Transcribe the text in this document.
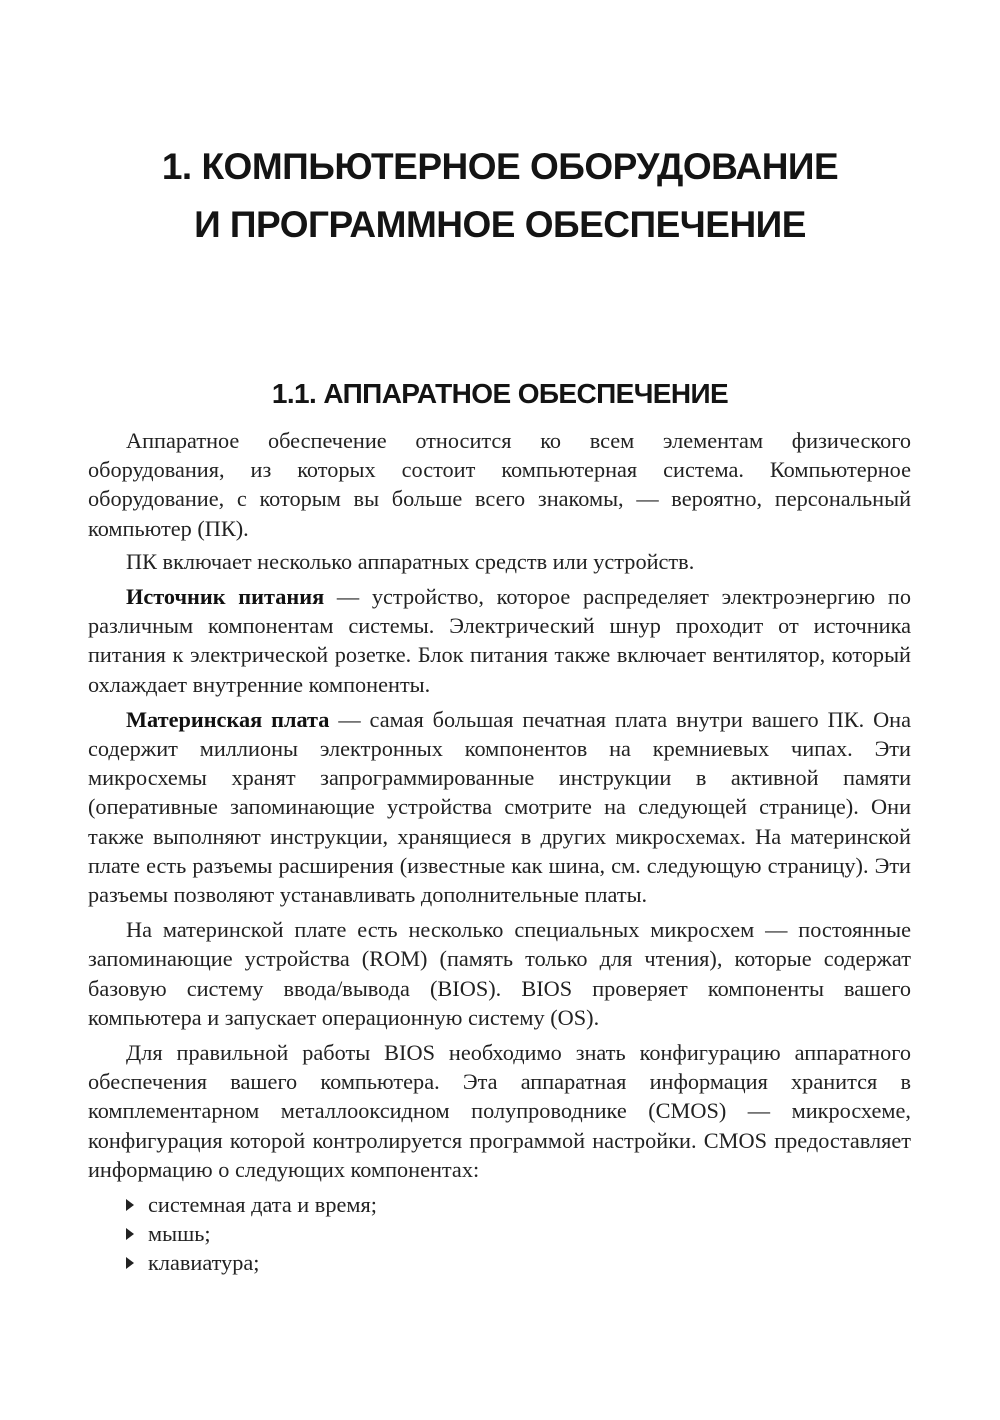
1. КОМПЬЮТЕРНОЕ ОБОРУДОВАНИЕ
И ПРОГРАММНОЕ ОБЕСПЕЧЕНИЕ
1.1. АППАРАТНОЕ ОБЕСПЕЧЕНИЕ

Аппаратное обеспечение относится ко всем элементам физического оборудования, из которых состоит компьютерная система. Компьютерное оборудование, с которым вы больше всего знакомы, — вероятно, персональный компьютер (ПК).

ПК включает несколько аппаратных средств или устройств.

Источник питания — устройство, которое распределяет электроэнергию по различным компонентам системы. Электрический шнур проходит от источника питания к электрической розетке. Блок питания также включает вентилятор, который охлаждает внутренние компоненты.

Материнская плата — самая большая печатная плата внутри вашего ПК. Она содержит миллионы электронных компонентов на кремниевых чипах. Эти микросхемы хранят запрограммированные инструкции в активной памяти (оперативные запоминающие устройства смотрите на следующей странице). Они также выполняют инструкции, хранящиеся в других микросхемах. На материнской плате есть разъемы расширения (известные как шина, см. следующую страницу). Эти разъемы позволяют устанавливать дополнительные платы.

На материнской плате есть несколько специальных микросхем — постоянные запоминающие устройства (ROM) (память только для чтения), которые содержат базовую систему ввода/вывода (BIOS). BIOS проверяет компоненты вашего компьютера и запускает операционную систему (OS).

Для правильной работы BIOS необходимо знать конфигурацию аппаратного обеспечения вашего компьютера. Эта аппаратная информация хранится в комплементарном металлооксидном полупроводнике (CMOS) — микросхеме, конфигурация которой контролируется программой настройки. CMOS предоставляет информацию о следующих компонентах:

системная дата и время;
мышь;
клавиатура;
